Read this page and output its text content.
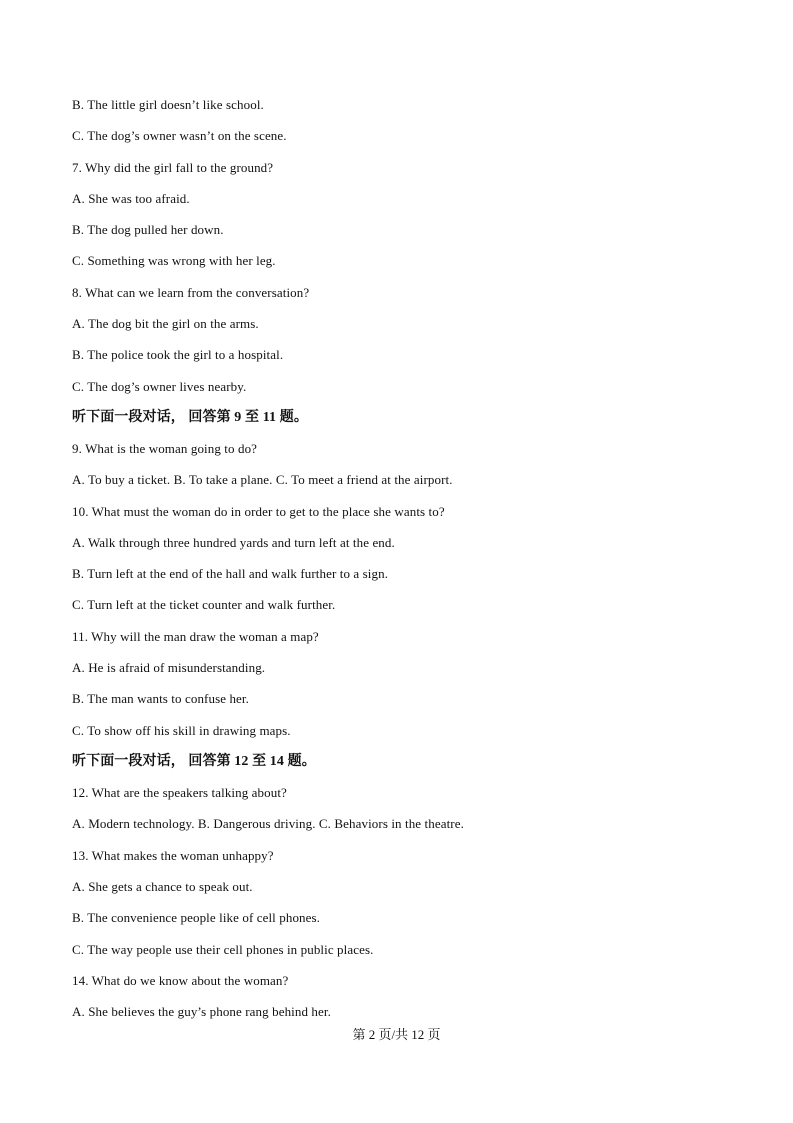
B. The little girl doesn’t like school.
C. The dog’s owner wasn’t on the scene.
7. Why did the girl fall to the ground?
A. She was too afraid.
B. The dog pulled her down.
C. Something was wrong with her leg.
8. What can we learn from the conversation?
A. The dog bit the girl on the arms.
B. The police took the girl to a hospital.
C. The dog’s owner lives nearby.
听下面一段对话， 回答第 9 至 11 题。
9. What is the woman going to do?
A. To buy a ticket. B. To take a plane. C. To meet a friend at the airport.
10. What must the woman do in order to get to the place she wants to?
A. Walk through three hundred yards and turn left at the end.
B. Turn left at the end of the hall and walk further to a sign.
C. Turn left at the ticket counter and walk further.
11. Why will the man draw the woman a map?
A. He is afraid of misunderstanding.
B. The man wants to confuse her.
C. To show off his skill in drawing maps.
听下面一段对话， 回答第 12 至 14 题。
12. What are the speakers talking about?
A. Modern technology. B. Dangerous driving. C. Behaviors in the theatre.
13. What makes the woman unhappy?
A. She gets a chance to speak out.
B. The convenience people like of cell phones.
C. The way people use their cell phones in public places.
14. What do we know about the woman?
A. She believes the guy’s phone rang behind her.
第 2 页/共 12 页
